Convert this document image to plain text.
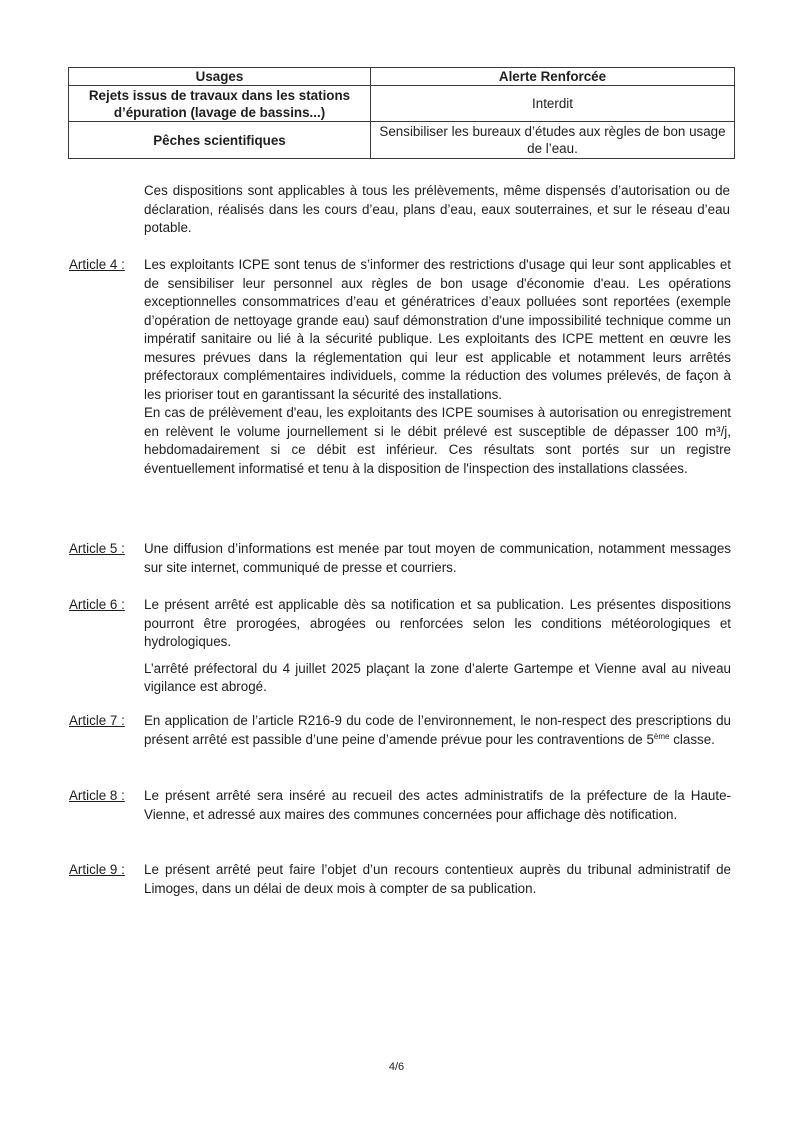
Usages	Alerte Renforcée
Rejets issus de travaux dans les stations d’épuration (lavage de bassins...)	Interdit
Pêches scientifiques	Sensibiliser les bureaux d’études aux règles de bon usage de l’eau.
Ces dispositions sont applicables à tous les prélèvements, même dispensés d’autorisation ou de déclaration, réalisés dans les cours d’eau, plans d’eau, eaux souterraines, et sur le réseau d’eau potable.
Article 4 :	Les exploitants ICPE sont tenus de s’informer des restrictions d'usage qui leur sont applicables et de sensibiliser leur personnel aux règles de bon usage d'économie d'eau. Les opérations exceptionnelles consommatrices d’eau et génératrices d’eaux polluées sont reportées (exemple d’opération de nettoyage grande eau) sauf démonstration d'une impossibilité technique comme un impératif sanitaire ou lié à la sécurité publique. Les exploitants des ICPE mettent en œuvre les mesures prévues dans la réglementation qui leur est applicable et notamment leurs arrêtés préfectoraux complémentaires individuels, comme la réduction des volumes prélevés, de façon à les prioriser tout en garantissant la sécurité des installations.

En cas de prélèvement d'eau, les exploitants des ICPE soumises à autorisation ou enregistrement en relèvent le volume journellement si le débit prélevé est susceptible de dépasser 100 m³/j, hebdomadairement si ce débit est inférieur. Ces résultats sont portés sur un registre éventuellement informatisé et tenu à la disposition de l'inspection des installations classées.

Article 5 :	Une diffusion d’informations est menée par tout moyen de communication, notamment messages sur site internet, communiqué de presse et courriers.

Article 6 :	Le présent arrêté est applicable dès sa notification et sa publication. Les présentes dispositions pourront être prorogées, abrogées ou renforcées selon les conditions météorologiques et hydrologiques.

L’arrêté préfectoral du 4 juillet 2025 plaçant la zone d’alerte Gartempe et Vienne aval au niveau vigilance est abrogé.

Article 7 :	En application de l’article R216-9 du code de l’environnement, le non-respect des prescriptions du présent arrêté est passible d’une peine d’amende prévue pour les contraventions de 5ème classe.

Article 8 :	Le présent arrêté sera inséré au recueil des actes administratifs de la préfecture de la Haute-Vienne, et adressé aux maires des communes concernées pour affichage dès notification.

Article 9 :	Le présent arrêté peut faire l’objet d’un recours contentieux auprès du tribunal administratif de Limoges, dans un délai de deux mois à compter de sa publication.

4/6
